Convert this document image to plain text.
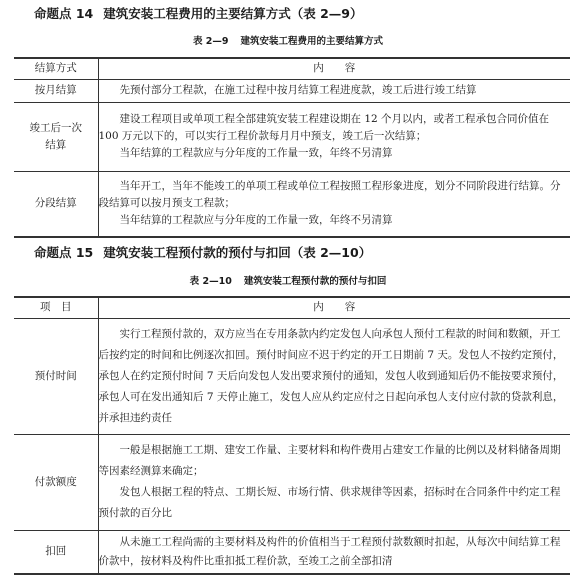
命题点 14 建筑安装工程费用的主要结算方式（表 2—9）
表 2—9 建筑安装工程费用的主要结算方式
结算方式	内　　容
按月结算	先预付部分工程款，在施工过程中按月结算工程进度款，竣工后进行竣工结算

竣工后一次结算	建设工程项目或单项工程全部建筑安装工程建设期在 12 个月以内，或者工程承包合同价值在 100 万元以下的，可以实行工程价款每月月中预支，竣工后一次结算；

当年结算的工程款应与分年度的工作量一致，年终不另清算

分段结算	当年开工，当年不能竣工的单项工程或单位工程按照工程形象进度，划分不同阶段进行结算。分段结算可以按月预支工程款；

当年结算的工程款应与分年度的工作量一致，年终不另清算

命题点 15 建筑安装工程预付款的预付与扣回（表 2—10）
表 2—10 建筑安装工程预付款的预付与扣回
项　目	内　　容
预付时间	实行工程预付款的，双方应当在专用条款内约定发包人向承包人预付工程款的时间和数额，开工后按约定的时间和比例逐次扣回。预付时间应不迟于约定的开工日期前 7 天。发包人不按约定预付，承包人在约定预付时间 7 天后向发包人发出要求预付的通知，发包人收到通知后仍不能按要求预付，承包人可在发出通知后 7 天停止施工，发包人应从约定应付之日起向承包人支付应付款的贷款利息，并承担违约责任

付款额度	一般是根据施工工期、建安工作量、主要材料和构件费用占建安工作量的比例以及材料储备周期等因素经测算来确定；

发包人根据工程的特点、工期长短、市场行情、供求规律等因素，招标时在合同条件中约定工程预付款的百分比

扣回	从未施工工程尚需的主要材料及构件的价值相当于工程预付款数额时扣起，从每次中间结算工程价款中，按材料及构件比重扣抵工程价款，至竣工之前全部扣清
